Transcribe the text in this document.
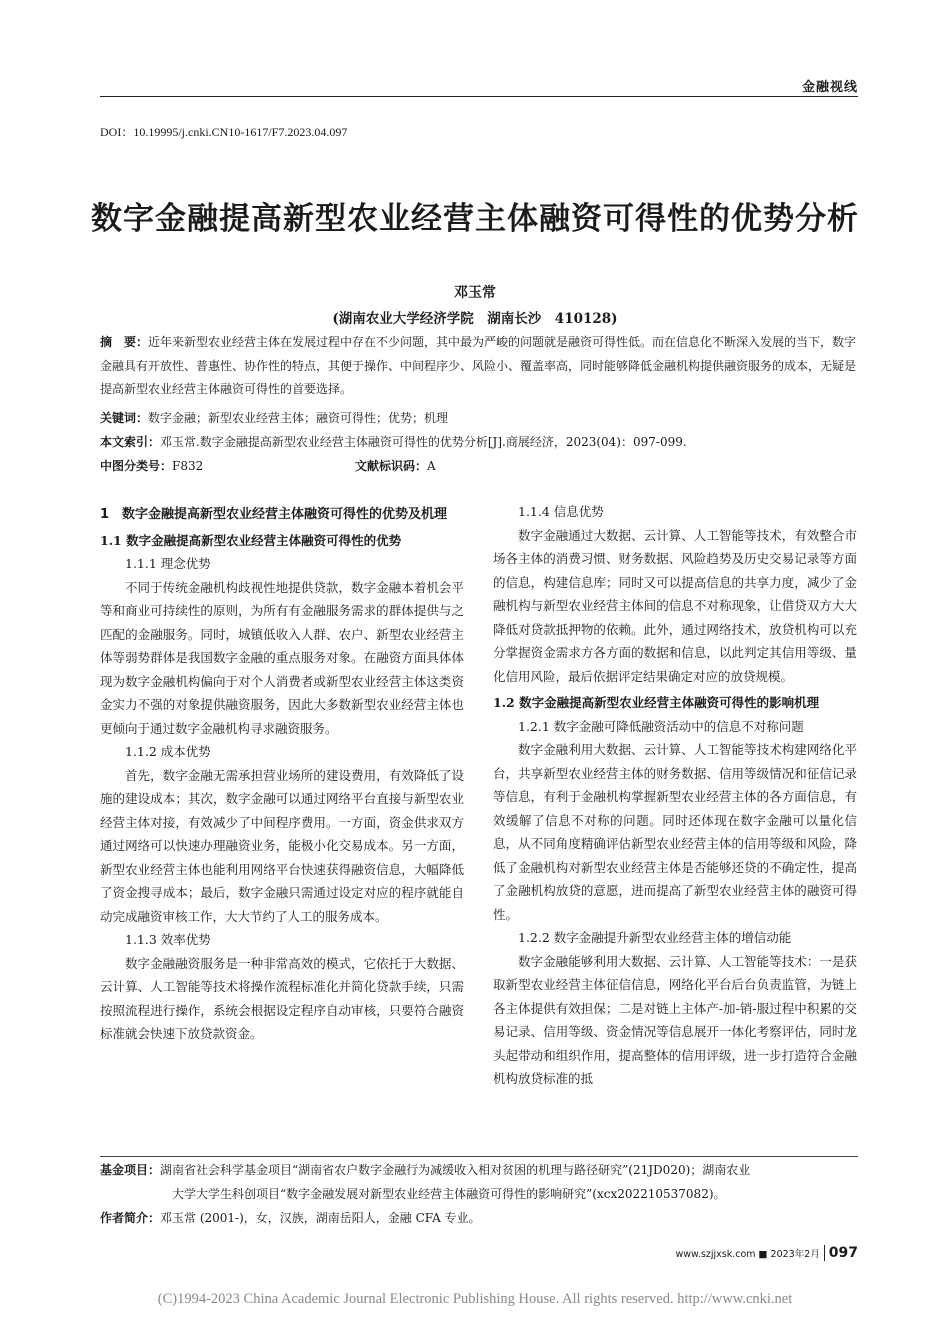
金融视线
DOI：10.19995/j.cnki.CN10-1617/F7.2023.04.097
数字金融提高新型农业经营主体融资可得性的优势分析
邓玉常
(湖南农业大学经济学院　湖南长沙　410128)
摘　要：近年来新型农业经营主体在发展过程中存在不少问题，其中最为严峻的问题就是融资可得性低。而在信息化不断深入发展的当下，数字金融具有开放性、普惠性、协作性的特点，其便于操作、中间程序少、风险小、覆盖率高，同时能够降低金融机构提供融资服务的成本，无疑是提高新型农业经营主体融资可得性的首要选择。
关键词：数字金融；新型农业经营主体；融资可得性；优势；机理
本文索引：邓玉常.数字金融提高新型农业经营主体融资可得性的优势分析[J].商展经济，2023(04)：097-099.
中图分类号：F832	文献标识码：A

1　数字金融提高新型农业经营主体融资可得性的优势及机理

1.1 数字金融提高新型农业经营主体融资可得性的优势

1.1.1 理念优势

不同于传统金融机构歧视性地提供贷款，数字金融本着机会平等和商业可持续性的原则，为所有有金融服务需求的群体提供与之匹配的金融服务。同时，城镇低收入人群、农户、新型农业经营主体等弱势群体是我国数字金融的重点服务对象。在融资方面具体体现为数字金融机构偏向于对个人消费者或新型农业经营主体这类资金实力不强的对象提供融资服务，因此大多数新型农业经营主体也更倾向于通过数字金融机构寻求融资服务。

1.1.2 成本优势

首先，数字金融无需承担营业场所的建设费用，有效降低了设施的建设成本；其次，数字金融可以通过网络平台直接与新型农业经营主体对接，有效减少了中间程序费用。一方面，资金供求双方通过网络可以快速办理融资业务，能极小化交易成本。另一方面，新型农业经营主体也能利用网络平台快速获得融资信息，大幅降低了资金搜寻成本；最后，数字金融只需通过设定对应的程序就能自动完成融资审核工作，大大节约了人工的服务成本。

1.1.3 效率优势

数字金融融资服务是一种非常高效的模式，它依托于大数据、云计算、人工智能等技术将操作流程标准化并简化贷款手续，只需按照流程进行操作，系统会根据设定程序自动审核，只要符合融资标准就会快速下放贷款资金。

1.1.4 信息优势

数字金融通过大数据、云计算、人工智能等技术，有效整合市场各主体的消费习惯、财务数据、风险趋势及历史交易记录等方面的信息，构建信息库；同时又可以提高信息的共享力度，减少了金融机构与新型农业经营主体间的信息不对称现象，让借贷双方大大降低对贷款抵押物的依赖。此外，通过网络技术，放贷机构可以充分掌握资金需求方各方面的数据和信息，以此判定其信用等级、量化信用风险，最后依据评定结果确定对应的放贷规模。

1.2 数字金融提高新型农业经营主体融资可得性的影响机理

1.2.1 数字金融可降低融资活动中的信息不对称问题

数字金融利用大数据、云计算、人工智能等技术构建网络化平台，共享新型农业经营主体的财务数据、信用等级情况和征信记录等信息，有利于金融机构掌握新型农业经营主体的各方面信息，有效缓解了信息不对称的问题。同时还体现在数字金融可以量化信息，从不同角度精确评估新型农业经营主体的信用等级和风险，降低了金融机构对新型农业经营主体是否能够还贷的不确定性，提高了金融机构放贷的意愿，进而提高了新型农业经营主体的融资可得性。

1.2.2 数字金融提升新型农业经营主体的增信动能

数字金融能够利用大数据、云计算、人工智能等技术：一是获取新型农业经营主体征信信息，网络化平台后台负责监管，为链上各主体提供有效担保；二是对链上主体产-加-销-服过程中积累的交易记录、信用等级、资金情况等信息展开一体化考察评估，同时龙头起带动和组织作用，提高整体的信用评级，进一步打造符合金融机构放贷标准的抵

基金项目：湖南省社会科学基金项目“湖南省农户数字金融行为减缓收入相对贫困的机理与路径研究”(21JD020)；湖南农业
大学大学生科创项目“数字金融发展对新型农业经营主体融资可得性的影响研究”(xcx202210537082)。
作者简介：邓玉常 (2001-)，女，汉族，湖南岳阳人，金融 CFA 专业。
www.szjjxsk.com ■ 2023年2月 097
(C)1994-2023 China Academic Journal Electronic Publishing House. All rights reserved. http://www.cnki.net
